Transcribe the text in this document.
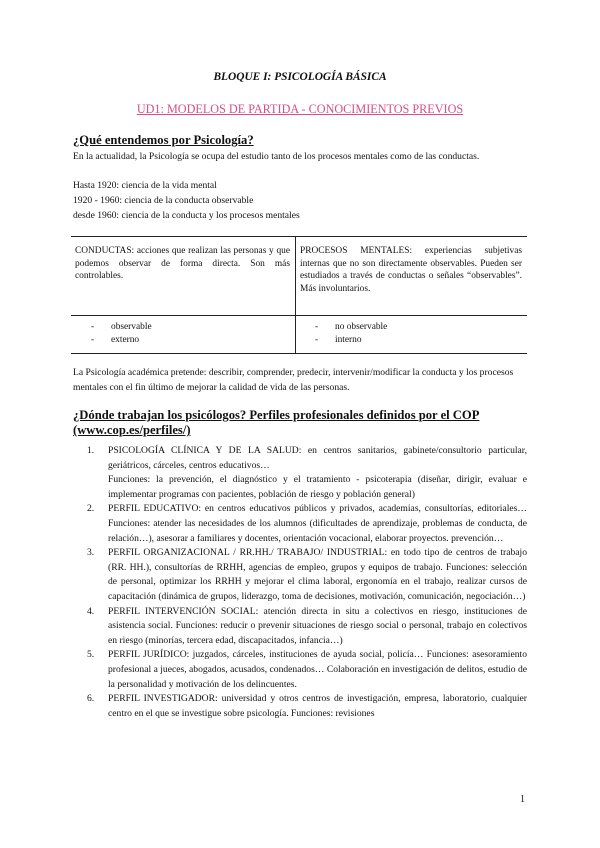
BLOQUE I: PSICOLOGÍA BÁSICA
UD1: MODELOS DE PARTIDA - CONOCIMIENTOS PREVIOS
¿Qué entendemos por Psicología?
En la actualidad, la Psicología se ocupa del estudio tanto de los procesos mentales como de las conductas.
Hasta 1920: ciencia de la vida mental
1920 - 1960: ciencia de la conducta observable
desde 1960: ciencia de la conducta y los procesos mentales
CONDUCTAS: acciones que realizan las personas y que podemos observar de forma directa. Son más controlables.
PROCESOS MENTALES: experiencias subjetivas internas que no son directamente observables. Pueden ser estudiados a través de conductas o señales “observables”. Más involuntarios.
- observable
- externo
- no observable
- interno
La Psicología académica pretende: describir, comprender, predecir, intervenir/modificar la conducta y los procesos mentales con el fin último de mejorar la calidad de vida de las personas.
¿Dónde trabajan los psicólogos? Perfiles profesionales definidos por el COP
(www.cop.es/perfiles/)
1. PSICOLOGÍA CLÍNICA Y DE LA SALUD: en centros sanitarios, gabinete/consultorio particular, geriátricos, cárceles, centros educativos…
Funciones: la prevención, el diagnóstico y el tratamiento - psicoterapia (diseñar, dirigir, evaluar e implementar programas con pacientes, población de riesgo y población general)
2. PERFIL EDUCATIVO: en centros educativos públicos y privados, academias, consultorías, editoriales… Funciones: atender las necesidades de los alumnos (dificultades de aprendizaje, problemas de conducta, de relación…), asesorar a familiares y docentes, orientación vocacional, elaborar proyectos. prevención…
3. PERFIL ORGANIZACIONAL / RR.HH./ TRABAJO/ INDUSTRIAL: en todo tipo de centros de trabajo (RR. HH.), consultorías de RRHH, agencias de empleo, grupos y equipos de trabajo. Funciones: selección de personal, optimizar los RRHH y mejorar el clima laboral, ergonomía en el trabajo, realizar cursos de capacitación (dinámica de grupos, liderazgo, toma de decisiones, motivación, comunicación, negociación…)
4. PERFIL INTERVENCIÓN SOCIAL: atención directa in situ a colectivos en riesgo, instituciones de asistencia social. Funciones: reducir o prevenir situaciones de riesgo social o personal, trabajo en colectivos en riesgo (minorías, tercera edad, discapacitados, infancia…)
5. PERFIL JURÍDICO: juzgados, cárceles, instituciones de ayuda social, policía… Funciones: asesoramiento profesional a jueces, abogados, acusados, condenados… Colaboración en investigación de delitos, estudio de la personalidad y motivación de los delincuentes.
6. PERFIL INVESTIGADOR: universidad y otros centros de investigación, empresa, laboratorio, cualquier centro en el que se investigue sobre psicología. Funciones: revisiones
1
